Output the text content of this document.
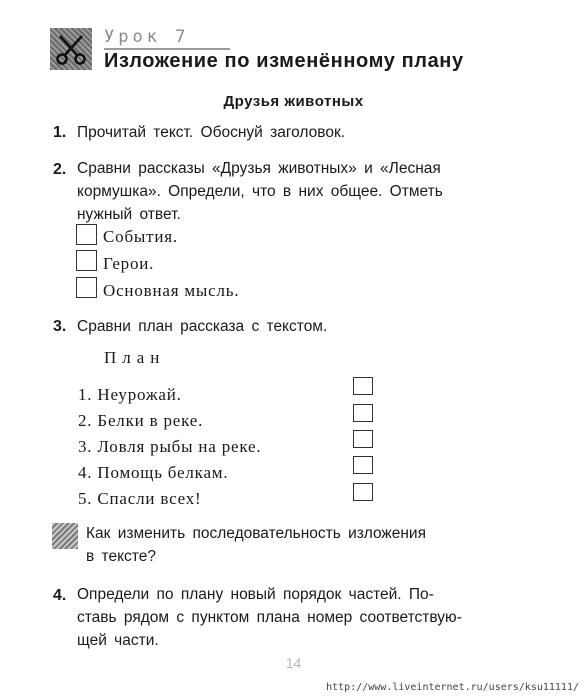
Урок 7
Изложение по изменённому плану
Друзья животных
1. Прочитай текст. Обоснуй заголовок.
2. Сравни рассказы «Друзья животных» и «Лесная
кормушка». Определи, что в них общее. Отметь
нужный ответ.
События.
Герои.
Основная мысль.
3. Сравни план рассказа с текстом.
План
1. Неурожай.
2. Белки в реке.
3. Ловля рыбы на реке.
4. Помощь белкам.
5. Спасли всех!
Как изменить последовательность изложения
в тексте?
4. Определи по плану новый порядок частей. По-
ставь рядом с пунктом плана номер соответствую-
щей части.
14
http://www.liveinternet.ru/users/ksu11111/
